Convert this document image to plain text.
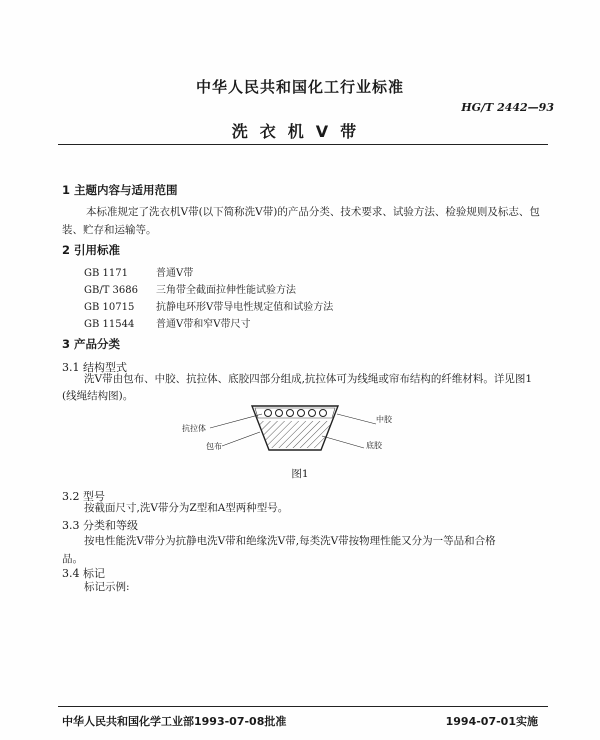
中华人民共和国化工行业标准
HG/T 2442—93
洗衣机V带
1 主题内容与适用范围
本标准规定了洗衣机V带(以下简称洗V带)的产品分类、技术要求、试验方法、检验规则及标志、包装、贮存和运输等。
2 引用标准
GB 1171	普通V带
GB/T 3686 三角带全截面拉伸性能试验方法
GB 10715 抗静电环形V带导电性规定值和试验方法
GB 11544 普通V带和窄V带尺寸
3 产品分类
3.1 结构型式
洗V带由包布、中胶、抗拉体、底胶四部分组成,抗拉体可为线绳或帘布结构的纤维材料。详见图1
(线绳结构图)。
抗拉体
包布
中胶
底胶
图1
3.2 型号
按截面尺寸,洗V带分为Z型和A型两种型号。
3.3 分类和等级
按电性能洗V带分为抗静电洗V带和绝缘洗V带,每类洗V带按物理性能又分为一等品和合格
品。
3.4 标记
标记示例:
中华人民共和国化学工业部1993-07-08批准	1994-07-01实施
